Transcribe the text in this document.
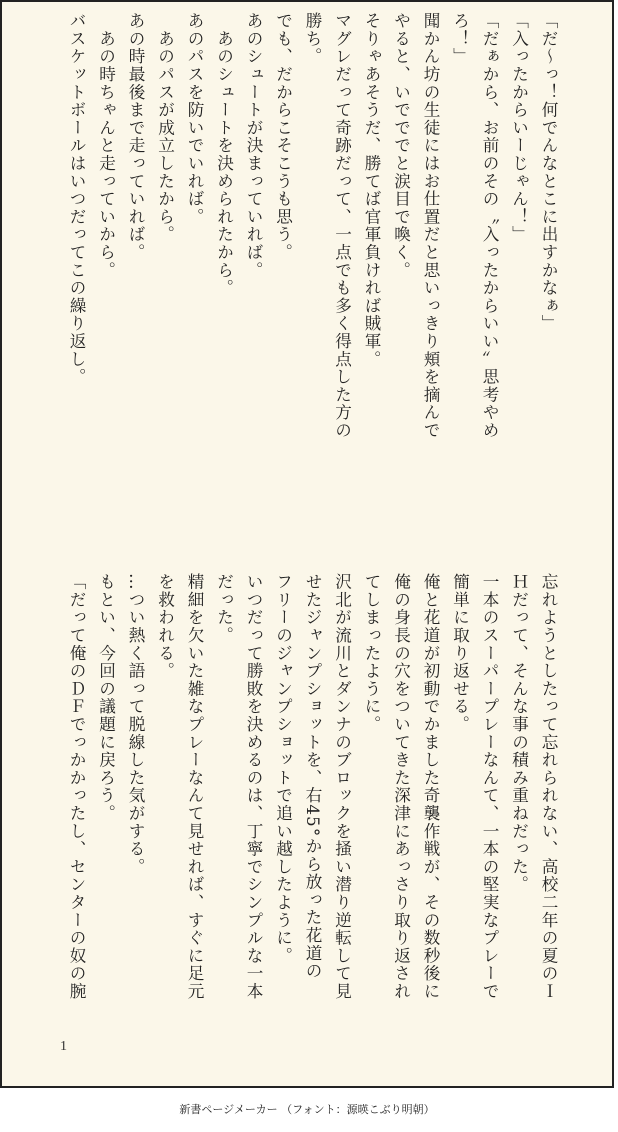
「だ～っ！何でんなとこに出すかなぁ」
「入ったからいーじゃん！」
「だぁから、お前のその〝入ったからいい〟思考やめ
ろ！」
聞かん坊の生徒にはお仕置だと思いっきり頬を摘んで
やると、いでででと涙目で喚く。
そりゃあそうだ、勝てば官軍負ければ賊軍。
マグレだって奇跡だって、一点でも多く得点した方の
勝ち。
でも、だからこそこうも思う。
あのシュートが決まっていれば。
　あのシュートを決められたから。
あのパスを防いでいれば。
　あのパスが成立したから。
あの時最後まで走っていれば。
　あの時ちゃんと走っていから。
バスケットボールはいつだってこの繰り返し。
忘れようとしたって忘れられない、高校二年の夏のＩ
Ｈだって、そんな事の積み重ねだった。
一本のスーパープレーなんて、一本の堅実なプレーで
簡単に取り返せる。
俺と花道が初動でかました奇襲作戦が、その数秒後に
俺の身長の穴をついてきた深津にあっさり取り返され
てしまったように。
沢北が流川とダンナのブロックを掻い潜り逆転して見
せたジャンプショットを、右45°から放った花道の
フリーのジャンプショットで追い越したように。
いつだって勝敗を決めるのは、丁寧でシンプルな一本
だった。
精細を欠いた雑なプレーなんて見せれば、すぐに足元
を救われる。
…つい熱く語って脱線した気がする。
もとい、今回の議題に戻ろう。
「だって俺のＤＦでっかかったし、センターの奴の腕
1
新書ページメーカー （フォント：源暎こぶり明朝）
